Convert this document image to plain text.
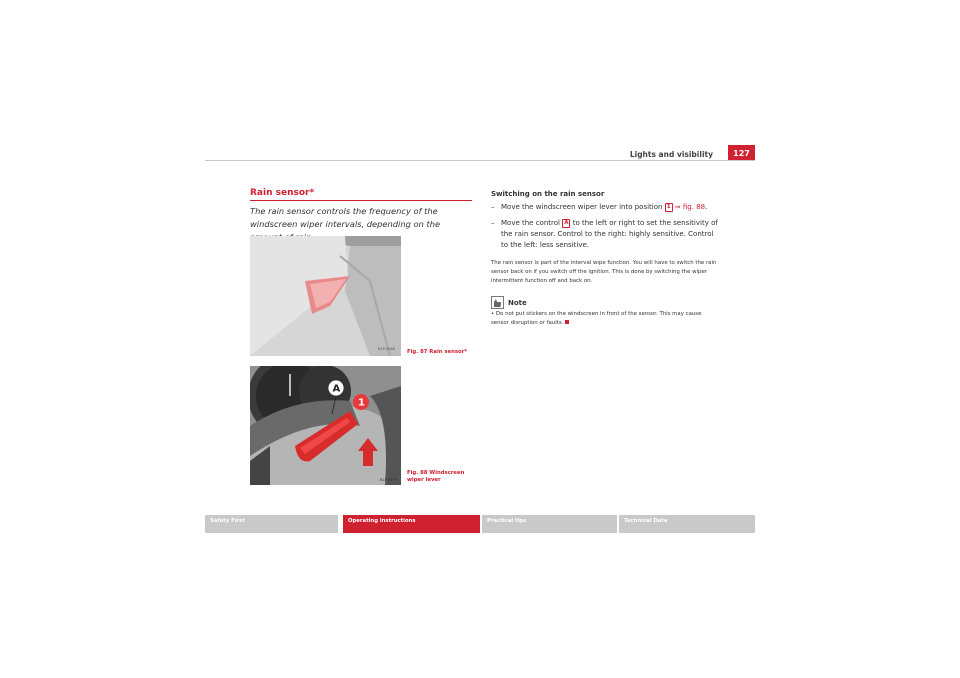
Lights and visibility	127
Rain sensor*
The rain sensor controls the frequency of the windscreen wiper intervals, depending on the
B1P-0086 Fig. 87 Rain sensor*
A
1
B1P-0449
Fig. 88 Windscreen wiper lever
Switching on the rain sensor
– Move the windscreen wiper lever into position 1 ⇒ fig. 88.
– Move the control A to the left or right to set the sensitivity of the rain sensor. Control to the right: highly sensitive. Control to the left: less sensitive.
The rain sensor is part of the interval wipe function. You will have to switch the rain sensor back on if you switch off the ignition. This is done by switching the wiper intermittent function off and back on.
Note
• Do not put stickers on the windscreen in front of the sensor. This may cause sensor disruption or faults.
Safety First	Operating instructions	Practical tips	Technical Data
